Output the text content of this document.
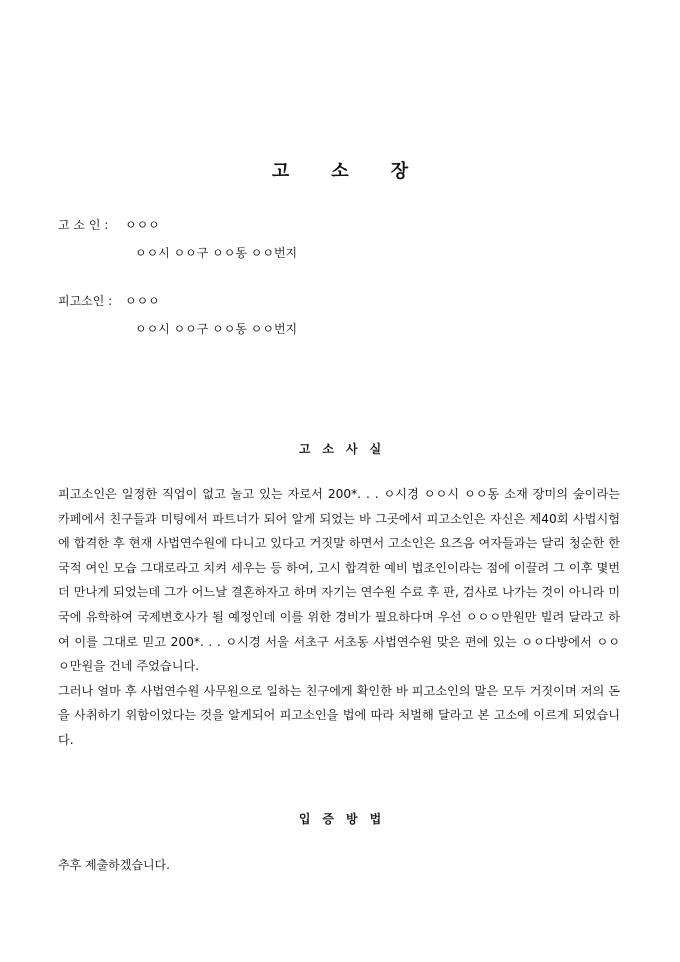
고 소 장
고 소 인 : ㅇㅇㅇ
ㅇㅇ시 ㅇㅇ구 ㅇㅇ동 ㅇㅇ번지
피고소인 : ㅇㅇㅇ
ㅇㅇ시 ㅇㅇ구 ㅇㅇ동 ㅇㅇ번지
고 소 사 실

피고소인은 일정한 직업이 없고 놀고 있는 자로서 200*. . . ㅇ시경 ㅇㅇ시 ㅇㅇ동 소재 장미의 숲이라는 카페에서 친구들과 미팅에서 파트너가 되어 알게 되었는 바 그곳에서 피고소인은 자신은 제40회 사법시험에 합격한 후 현재 사법연수원에 다니고 있다고 거짓말 하면서 고소인은 요즈음 여자들과는 달리 청순한 한국적 여인 모습 그대로라고 치켜 세우는 등 하여, 고시 합격한 예비 법조인이라는 점에 이끌려 그 이후 몇번 더 만나게 되었는데 그가 어느날 결혼하자고 하며 자기는 연수원 수료 후 판, 검사로 나가는 것이 아니라 미국에 유학하여 국제변호사가 될 예정인데 이를 위한 경비가 필요하다며 우선 ㅇㅇㅇ만원만 빌려 달라고 하여 이를 그대로 믿고 200*. . . ㅇ시경 서울 서초구 서초동 사법연수원 맞은 편에 있는 ㅇㅇ다방에서 ㅇㅇㅇ만원을 건네 주었습니다.

그러나 얼마 후 사법연수원 사무원으로 일하는 친구에게 확인한 바 피고소인의 말은 모두 거짓이며 저의 돈을 사취하기 위함이었다는 것을 알게되어 피고소인을 법에 따라 처벌해 달라고 본 고소에 이르게 되었습니다.

입 증 방 법
추후 제출하겠습니다.
